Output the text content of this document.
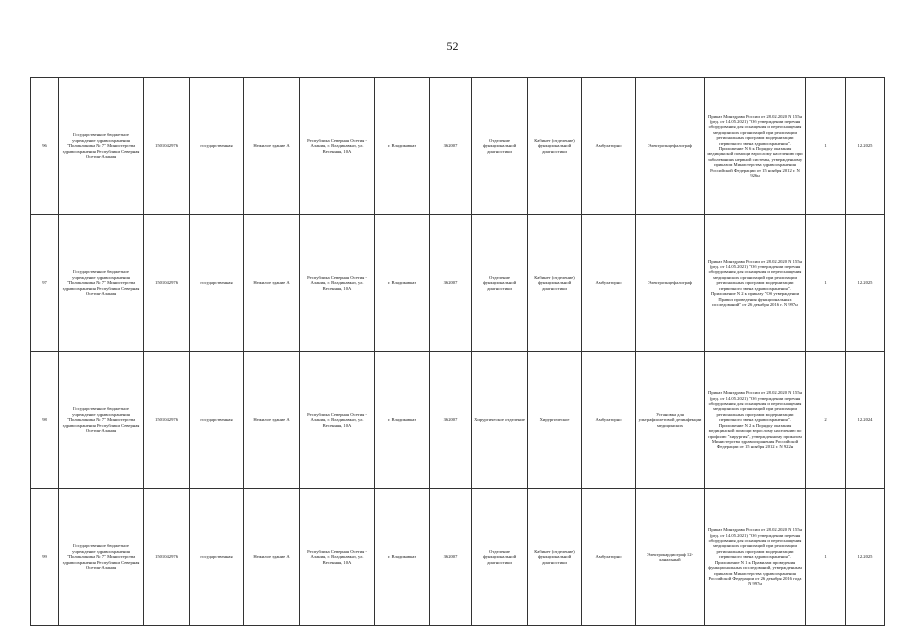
52
96	Государственное бюджетное учреждение здравоохранения "Поликлиника № 7" Министерства здравоохранения Республики Северная Осетия-Алания	1501042976	государственная	Нежилое здание А	Республика Северная Осетия - Алания, г. Владикавказ, ул. Весенняя, 10А	г. Владикавказ	362007	Отделение функциональной диагностики	Кабинет (отделение) функциональной диагностики	Амбулаторно	Электроэнцефалограф	Приказ Минздрава России от 28.02.2020 N 155н (ред. от 14.05.2021) "Об утверждении перечня оборудования для оснащения и переоснащения медицинских организаций при реализации региональных программ модернизации первичного звена здравоохранения". Приложение N 6 к Порядку оказания медицинской помощи взрослому населению при заболеваниях нервной системы, утвержденному приказом Министерства здравоохранения Российской Федерации от 15 ноября 2012 г. N 926н	1	12.2025
97	Государственное бюджетное учреждение здравоохранения "Поликлиника № 7" Министерства здравоохранения Республики Северная Осетия-Алания	1501042976	государственная	Нежилое здание А	Республика Северная Осетия - Алания, г. Владикавказ, ул. Весенняя, 10А	г. Владикавказ	362007	Отделение функциональной диагностики	Кабинет (отделение) функциональной диагностики	Амбулаторно	Электроэнцефалограф	Приказ Минздрава России от 28.02.2020 N 155н (ред. от 14.05.2021) "Об утверждении перечня оборудования для оснащения и переоснащения медицинских организаций при реализации региональных программ модернизации первичного звена здравоохранения". Приложение N 2 к приказу "Об утверждении Правил проведения функциональных исследований" от 26 декабря 2016 г. N 997н	1	12.2025
98	Государственное бюджетное учреждение здравоохранения "Поликлиника № 7" Министерства здравоохранения Республики Северная Осетия-Алания	1501042976	государственная	Нежилое здание А	Республика Северная Осетия - Алания, г. Владикавказ, ул. Весенняя, 10А	г. Владикавказ	362007	Хирургическое отделение	Хирургическое	Амбулаторно	Установка для ультрафиолетовой дезинфекции медицинских	Приказ Минздрава России от 28.02.2020 N 155н (ред. от 14.05.2021) "Об утверждении перечня оборудования для оснащения и переоснащения медицинских организаций при реализации региональных программ модернизации первичного звена здравоохранения". Приложение N 2 к Порядку оказания медицинской помощи взрослому населению по профилю "хирургия", утвержденному приказом Министерства здравоохранения Российской Федерации от 15 ноября 2012 г. N 922н	2	12.2024
99	Государственное бюджетное учреждение здравоохранения "Поликлиника № 7" Министерства здравоохранения Республики Северная Осетия-Алания	1501042976	государственная	Нежилое здание А	Республика Северная Осетия - Алания, г. Владикавказ, ул. Весенняя, 10А	г. Владикавказ	362007	Отделение функциональной диагностики	Кабинет (отделение) функциональной диагностики	Амбулаторно	Электрокардиограф 12-канальный	Приказ Минздрава России от 28.02.2020 N 155н (ред. от 14.05.2021) "Об утверждении перечня оборудования для оснащения и переоснащения медицинских организаций при реализации региональных программ модернизации первичного звена здравоохранения". Приложение N 1 к Правилам проведения функциональных исследований, утвержденным приказом Министерства здравоохранения Российской Федерации от 26 декабря 2016 года N 997н	1	12.2025
